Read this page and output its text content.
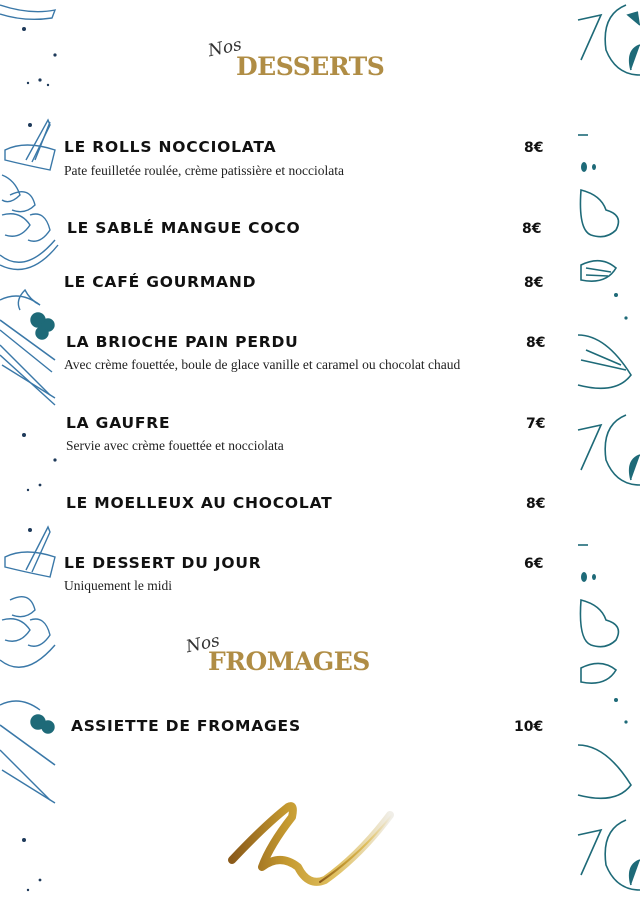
Nos
DESSERTS
LE ROLLS NOCCIOLATA	8€
Pate feuilletée roulée, crème patissière et nocciolata
LE SABLÉ MANGUE COCO	8€
LE CAFÉ GOURMAND	8€
LA BRIOCHE PAIN PERDU	8€
Avec crème fouettée, boule de glace vanille et caramel ou chocolat chaud
LA GAUFRE	7€
Servie avec crème fouettée et nocciolata
LE MOELLEUX AU CHOCOLAT	8€
LE DESSERT DU JOUR	6€
Uniquement le midi
Nos
FROMAGES
ASSIETTE DE FROMAGES	10€
